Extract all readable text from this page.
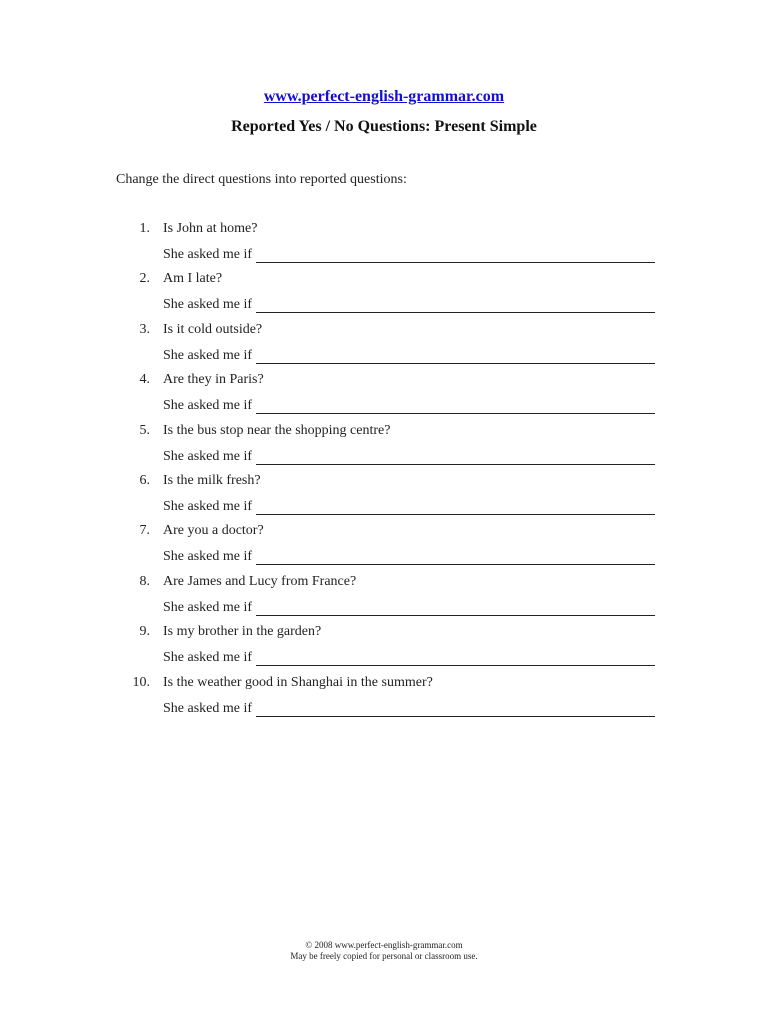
www.perfect-english-grammar.com
Reported Yes / No Questions: Present Simple
Change the direct questions into reported questions:
1. Is John at home?
She asked me if
2. Am I late?
She asked me if
3. Is it cold outside?
She asked me if
4. Are they in Paris?
She asked me if
5. Is the bus stop near the shopping centre?
She asked me if
6. Is the milk fresh?
She asked me if
7. Are you a doctor?
She asked me if
8. Are James and Lucy from France?
She asked me if
9. Is my brother in the garden?
She asked me if
10. Is the weather good in Shanghai in the summer?
She asked me if
© 2008 www.perfect-english-grammar.com
May be freely copied for personal or classroom use.
